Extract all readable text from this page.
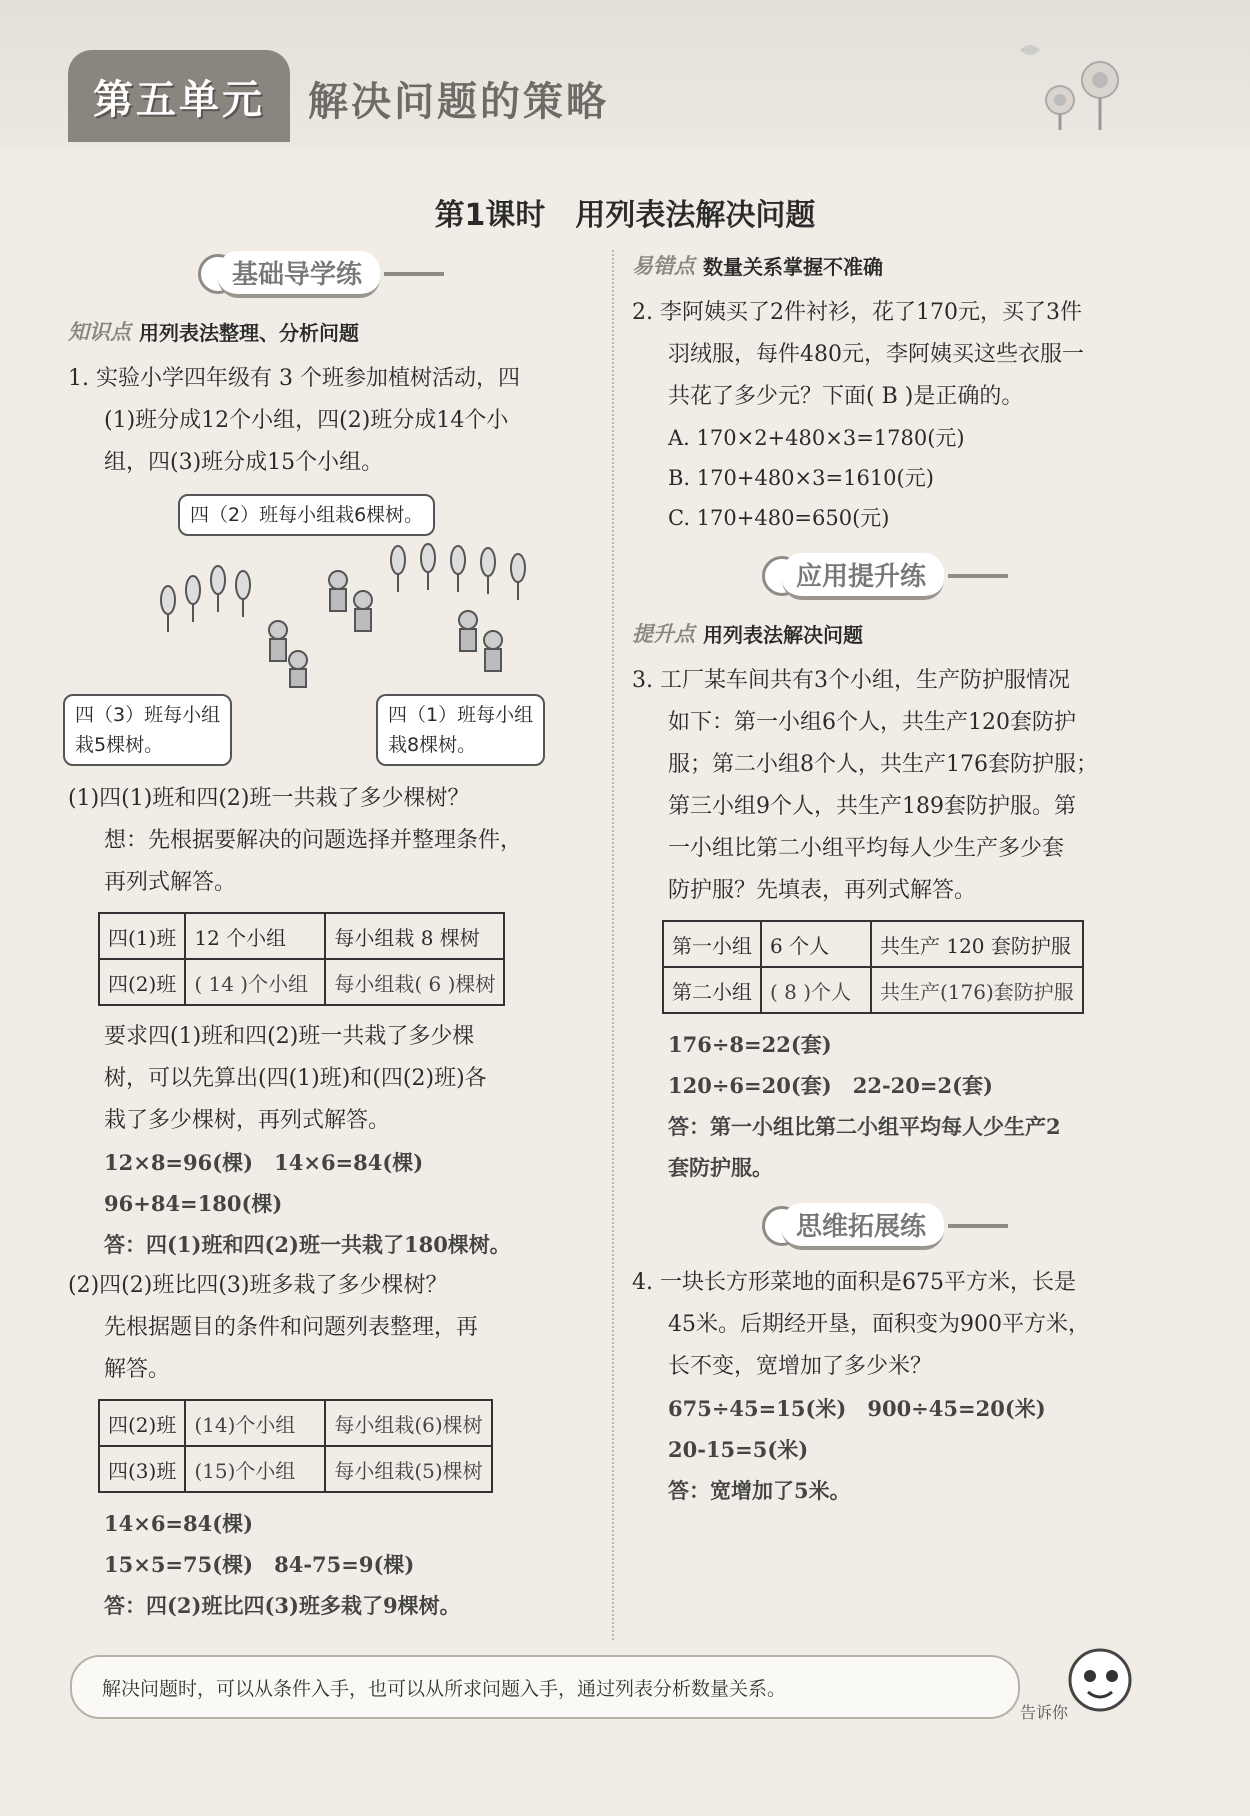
第五单元 解决问题的策略
第1课时　用列表法解决问题
基础导学练
知识点 用列表法整理、分析问题
1. 实验小学四年级有 3 个班参加植树活动，四
(1)班分成12个小组，四(2)班分成14个小
组，四(3)班分成15个小组。
四（2）班每小组栽6棵树。
四（3）班每小组
栽5棵树。
四（1）班每小组
栽8棵树。
(1)四(1)班和四(2)班一共栽了多少棵树？
想：先根据要解决的问题选择并整理条件，
再列式解答。
四(1)班	12 个小组	每小组栽 8 棵树
四(2)班	( 14 )个小组	每小组栽( 6 )棵树
要求四(1)班和四(2)班一共栽了多少棵
树，可以先算出(四(1)班)和(四(2)班)各
栽了多少棵树，再列式解答。
12×8=96(棵)　14×6=84(棵)
96+84=180(棵)
答：四(1)班和四(2)班一共栽了180棵树。
(2)四(2)班比四(3)班多栽了多少棵树？
先根据题目的条件和问题列表整理，再
解答。
四(2)班	(14)个小组	每小组栽(6)棵树
四(3)班	(15)个小组	每小组栽(5)棵树
14×6=84(棵)
15×5=75(棵)　84-75=9(棵)
答：四(2)班比四(3)班多栽了9棵树。
易错点 数量关系掌握不准确
2. 李阿姨买了2件衬衫，花了170元，买了3件
羽绒服，每件480元，李阿姨买这些衣服一
共花了多少元？下面( B )是正确的。
A. 170×2+480×3=1780(元)
B. 170+480×3=1610(元)
C. 170+480=650(元)
应用提升练
提升点 用列表法解决问题
3. 工厂某车间共有3个小组，生产防护服情况
如下：第一小组6个人，共生产120套防护
服；第二小组8个人，共生产176套防护服；
第三小组9个人，共生产189套防护服。第
一小组比第二小组平均每人少生产多少套
防护服？先填表，再列式解答。
第一小组	6 个人	共生产 120 套防护服
第二小组	( 8 )个人	共生产(176)套防护服
176÷8=22(套)
120÷6=20(套)　22-20=2(套)
答：第一小组比第二小组平均每人少生产2
套防护服。
思维拓展练
4. 一块长方形菜地的面积是675平方米，长是
45米。后期经开垦，面积变为900平方米，
长不变，宽增加了多少米？
675÷45=15(米)　900÷45=20(米)
20-15=5(米)
答：宽增加了5米。
解决问题时，可以从条件入手，也可以从所求问题入手，通过列表分析数量关系。
告诉你
